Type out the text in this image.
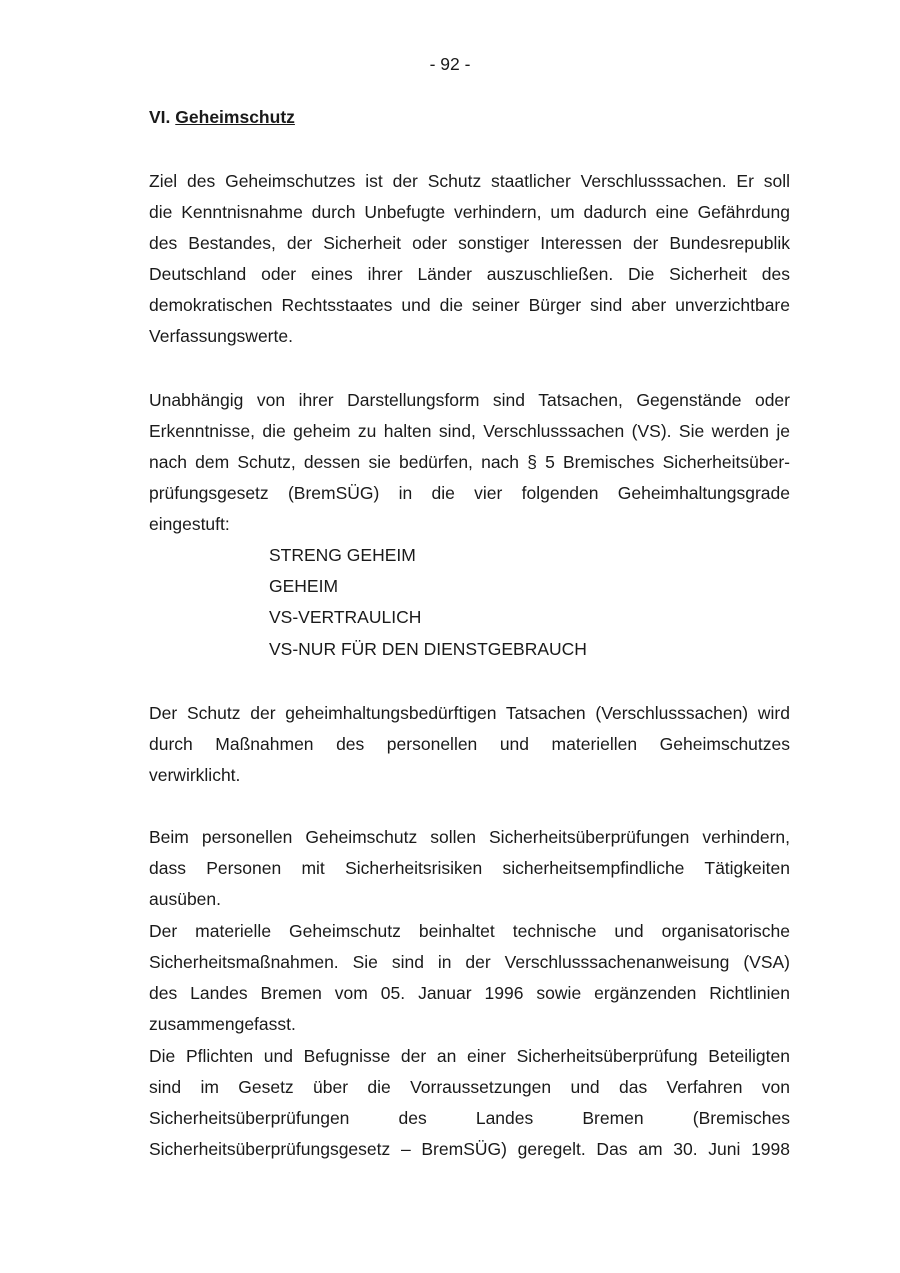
- 92 -
VI. Geheimschutz
Ziel des Geheimschutzes ist der Schutz staatlicher Verschlusssachen. Er soll
die Kenntnisnahme durch Unbefugte verhindern, um dadurch eine Gefährdung
des Bestandes, der Sicherheit oder sonstiger Interessen der Bundesrepublik
Deutschland oder eines ihrer Länder auszuschließen. Die Sicherheit des
demokratischen Rechtsstaates und die seiner Bürger sind aber unverzichtbare
Verfassungswerte.
Unabhängig von ihrer Darstellungsform sind Tatsachen, Gegenstände oder
Erkenntnisse, die geheim zu halten sind, Verschlusssachen (VS). Sie werden je
nach dem Schutz, dessen sie bedürfen, nach § 5 Bremisches Sicherheitsüber-
prüfungsgesetz (BremSÜG) in die vier folgenden Geheimhaltungsgrade
eingestuft:
STRENG GEHEIM
GEHEIM
VS-VERTRAULICH
VS-NUR FÜR DEN DIENSTGEBRAUCH
Der Schutz der geheimhaltungsbedürftigen Tatsachen (Verschlusssachen) wird
durch Maßnahmen des personellen und materiellen Geheimschutzes
verwirklicht.
Beim personellen Geheimschutz sollen Sicherheitsüberprüfungen verhindern,
dass Personen mit Sicherheitsrisiken sicherheitsempfindliche Tätigkeiten
ausüben.
Der materielle Geheimschutz beinhaltet technische und organisatorische
Sicherheitsmaßnahmen. Sie sind in der Verschlusssachenanweisung (VSA)
des Landes Bremen vom 05. Januar 1996 sowie ergänzenden Richtlinien
zusammengefasst.
Die Pflichten und Befugnisse der an einer Sicherheitsüberprüfung Beteiligten
sind im Gesetz über die Vorraussetzungen und das Verfahren von
Sicherheitsüberprüfungen des Landes Bremen (Bremisches
Sicherheitsüberprüfungsgesetz – BremSÜG) geregelt. Das am 30. Juni 1998
